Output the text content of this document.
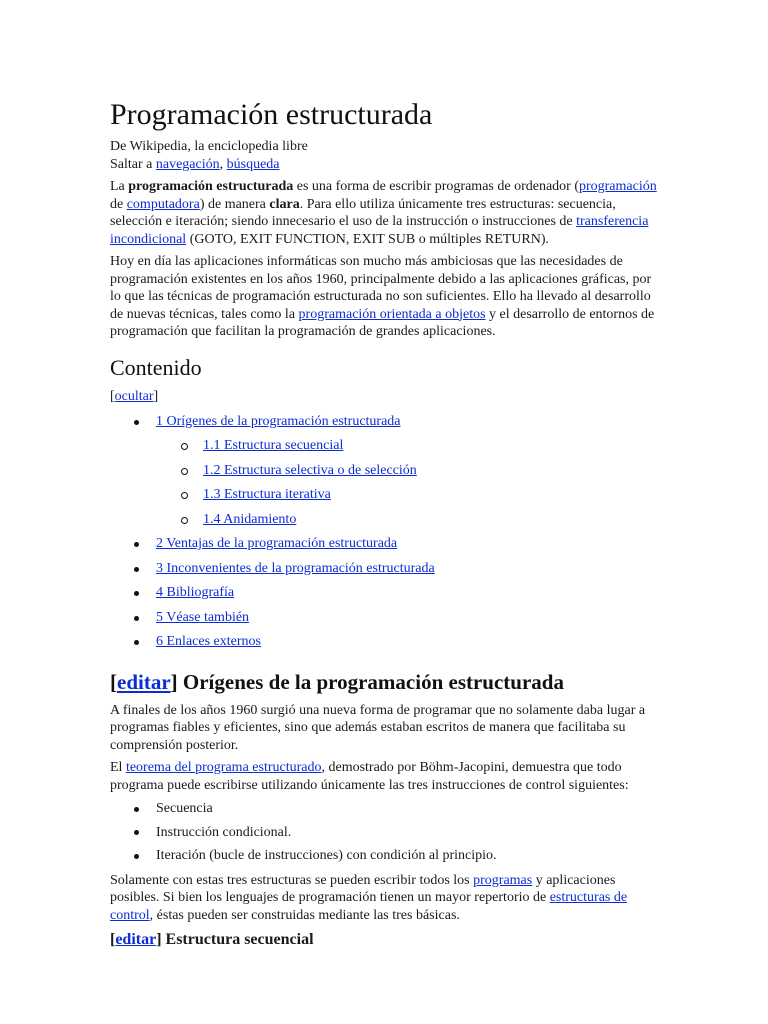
Programación estructurada

De Wikipedia, la enciclopedia libre

Saltar a navegación, búsqueda

La programación estructurada es una forma de escribir programas de ordenador (programación de computadora) de manera clara. Para ello utiliza únicamente tres estructuras: secuencia, selección e iteración; siendo innecesario el uso de la instrucción o instrucciones de transferencia incondicional (GOTO, EXIT FUNCTION, EXIT SUB o múltiples RETURN).

Hoy en día las aplicaciones informáticas son mucho más ambiciosas que las necesidades de programación existentes en los años 1960, principalmente debido a las aplicaciones gráficas, por lo que las técnicas de programación estructurada no son suficientes. Ello ha llevado al desarrollo de nuevas técnicas, tales como la programación orientada a objetos y el desarrollo de entornos de programación que facilitan la programación de grandes aplicaciones.

Contenido

[ocultar]

1 Orígenes de la programación estructurada
1.1 Estructura secuencial
1.2 Estructura selectiva o de selección
1.3 Estructura iterativa
1.4 Anidamiento
2 Ventajas de la programación estructurada
3 Inconvenientes de la programación estructurada
4 Bibliografía
5 Véase también
6 Enlaces externos
[editar] Orígenes de la programación estructurada

A finales de los años 1960 surgió una nueva forma de programar que no solamente daba lugar a programas fiables y eficientes, sino que además estaban escritos de manera que facilitaba su comprensión posterior.

El teorema del programa estructurado, demostrado por Böhm-Jacopini, demuestra que todo programa puede escribirse utilizando únicamente las tres instrucciones de control siguientes:

Secuencia
Instrucción condicional.
Iteración (bucle de instrucciones) con condición al principio.

Solamente con estas tres estructuras se pueden escribir todos los programas y aplicaciones posibles. Si bien los lenguajes de programación tienen un mayor repertorio de estructuras de control, éstas pueden ser construidas mediante las tres básicas.

[editar] Estructura secuencial
